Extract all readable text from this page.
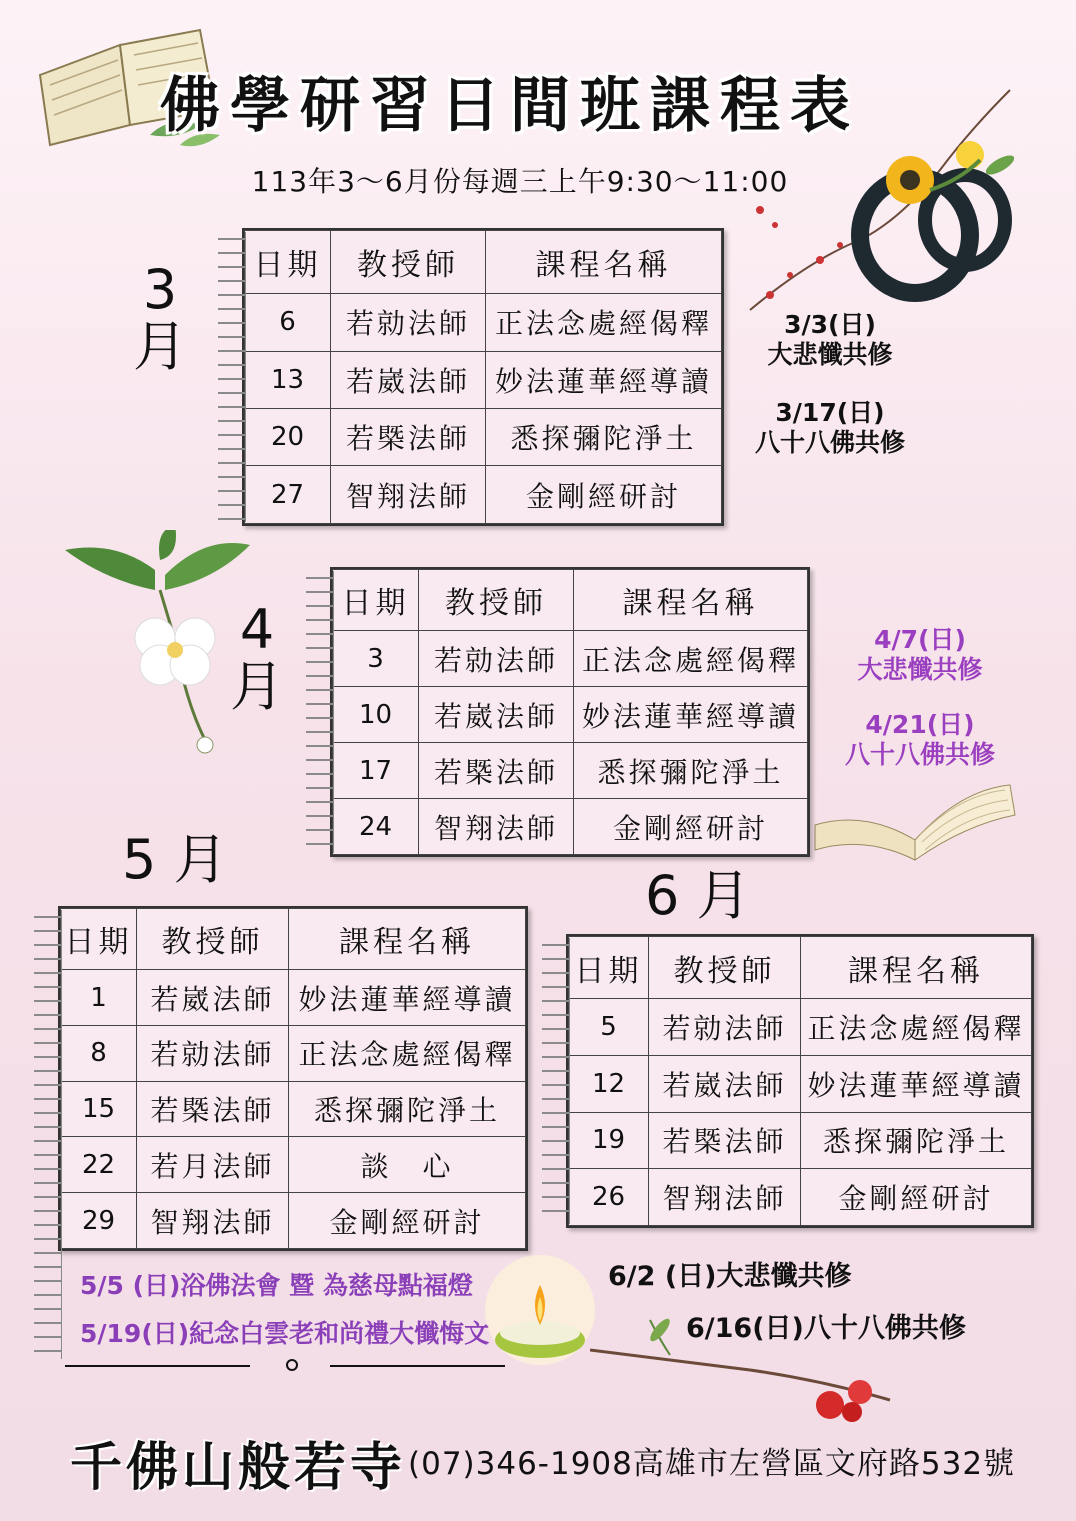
佛學研習日間班課程表
113年3～6月份每週三上午9:30～11:00
3
月
日期	教授師	課程名稱
6	若勍法師	正法念處經偈釋
13	若崴法師	妙法蓮華經導讀
20	若槩法師	悉探彌陀淨土
27	智翔法師	金剛經研討
3/3(日)
大悲懺共修
3/17(日)
八十八佛共修
4
月
日期	教授師	課程名稱
3	若勍法師	正法念處經偈釋
10	若崴法師	妙法蓮華經導讀
17	若槩法師	悉探彌陀淨土
24	智翔法師	金剛經研討
4/7(日)
大悲懺共修
4/21(日)
八十八佛共修
5 月
日期	教授師	課程名稱
1	若崴法師	妙法蓮華經導讀
8	若勍法師	正法念處經偈釋
15	若槩法師	悉探彌陀淨土
22	若月法師	談　心
29	智翔法師	金剛經研討
5/5 (日)浴佛法會 暨 為慈母點福燈
5/19(日)紀念白雲老和尚禮大懺悔文
6 月
日期	教授師	課程名稱
5	若勍法師	正法念處經偈釋
12	若崴法師	妙法蓮華經導讀
19	若槩法師	悉探彌陀淨土
26	智翔法師	金剛經研討
6/2 (日)大悲懺共修
6/16(日)八十八佛共修
千佛山般若寺 (07)346-1908高雄市左營區文府路532號
